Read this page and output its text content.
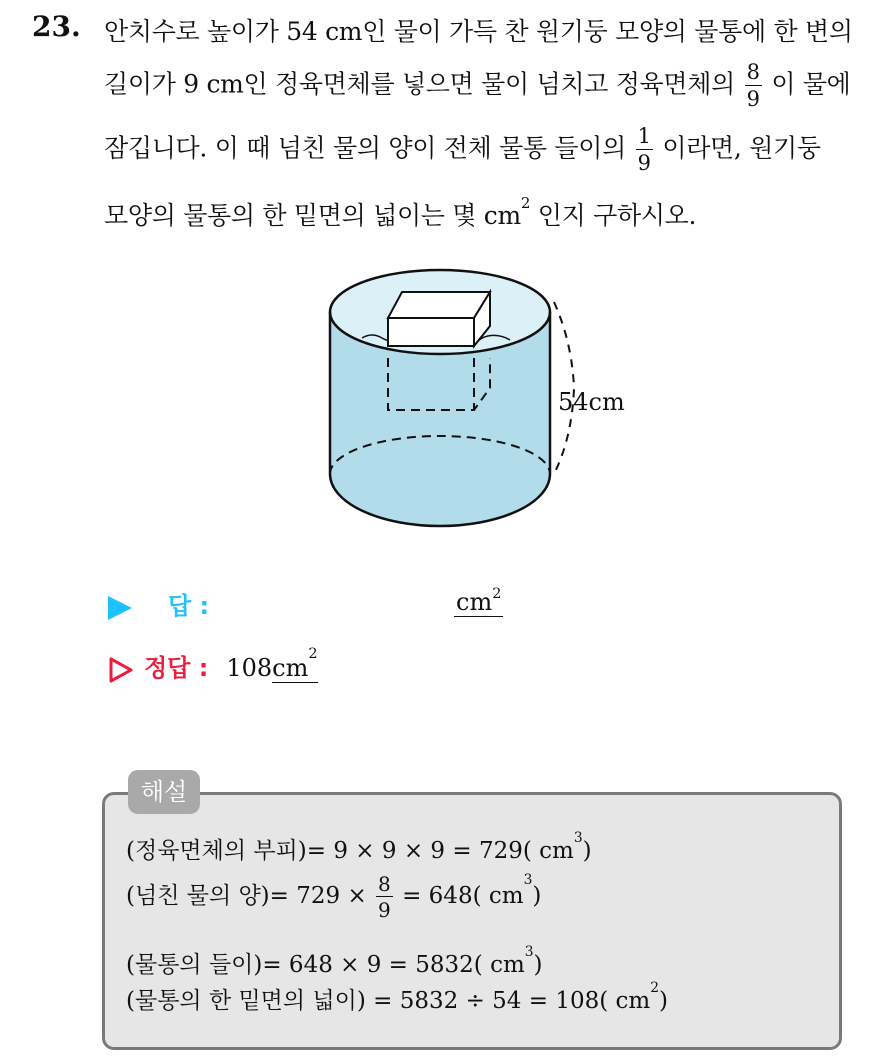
23. 안치수로 높이가 54 cm인 물이 가득 찬 원기둥 모양의 물통에 한 변의
길이가 9 cm인 정육면체를 넣으면 물이 넘치고 정육면체의 $\frac{8}{9}$ 이 물에
잠깁니다. 이 때 넘친 물의 양이 전체 물통 들이의 $\frac{1}{9}$ 이라면, 원기둥
모양의 물통의 한 밑면의 넓이는 몇 $cm^2$ 인지 구하시오.
54cm
답 :	$cm^2$
정답 : $108cm^2$
해설
(정육면체의 부피)= 9 × 9 × 9 = 729( $cm^3$)
(넘친 물의 양)= $729 \times \frac{8}{9} = 648$( $cm^3$)
(물통의 들이)= 648 × 9 = 5832( $cm^3$)
(물통의 한 밑면의 넓이) = 5832 ÷ 54 = 108( $cm^2$)
